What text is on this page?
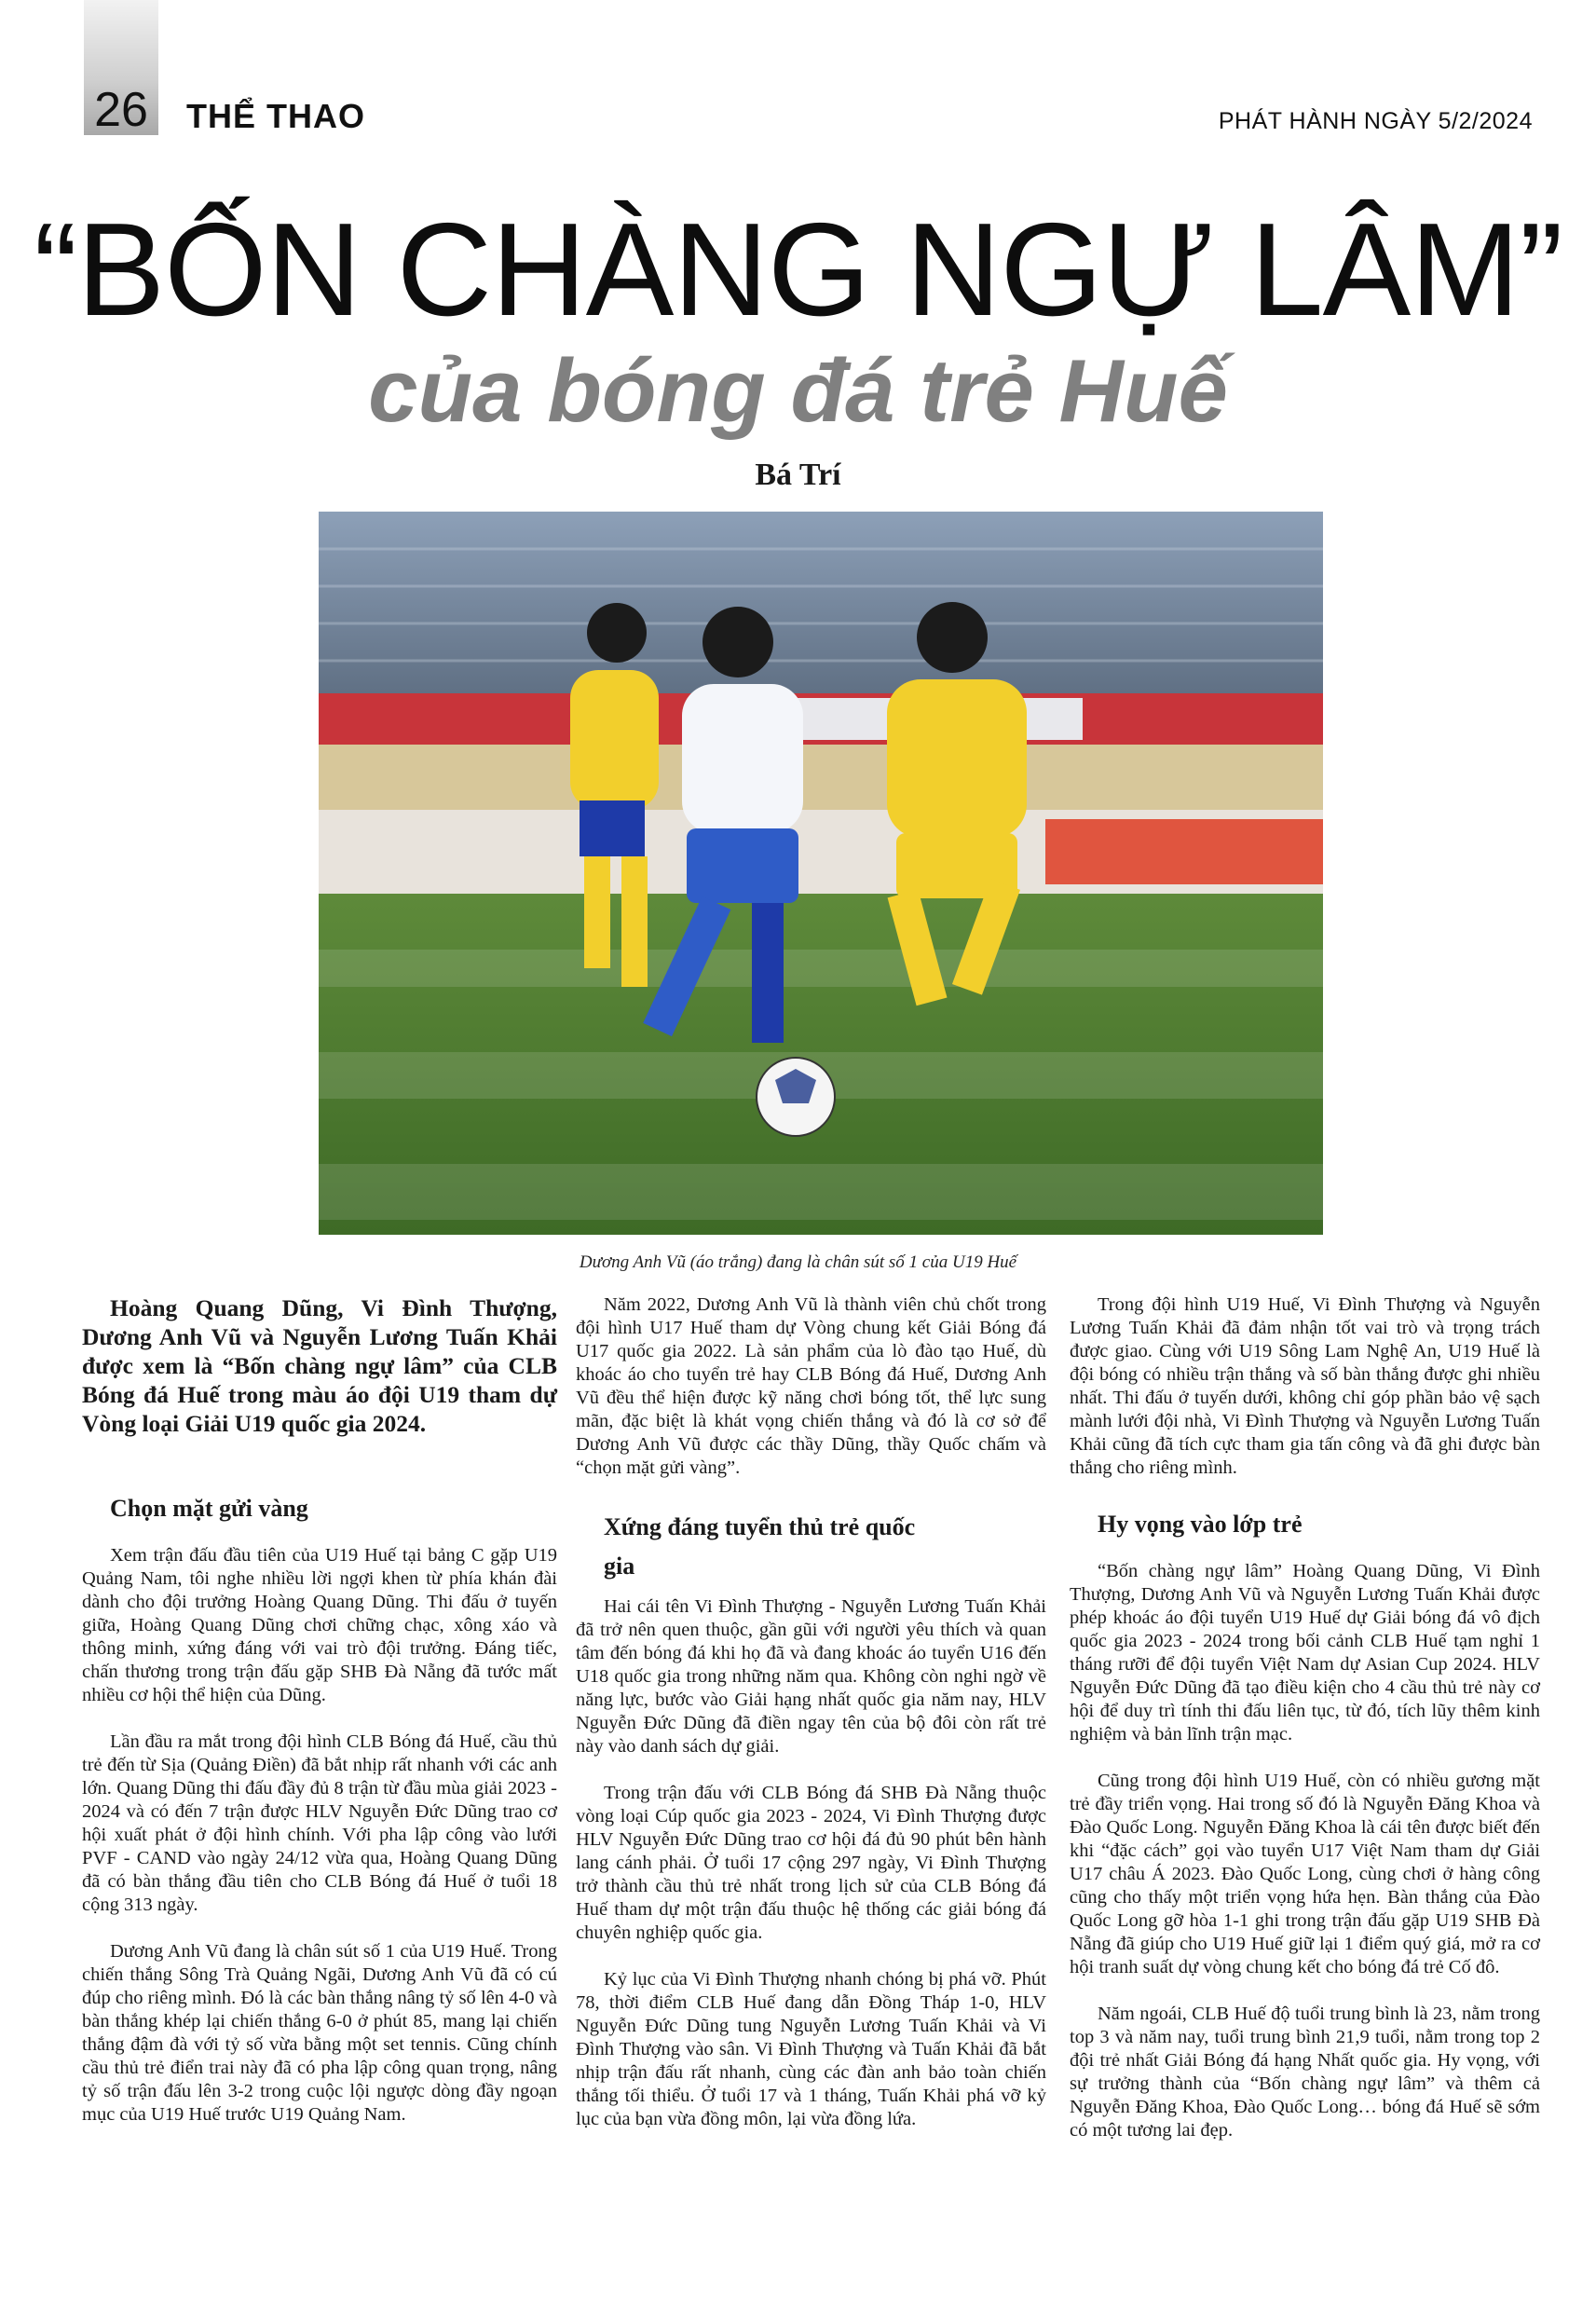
26	THỂ THAO	PHÁT HÀNH NGÀY 5/2/2024
“BỐN CHÀNG NGỰ LÂM”
của bóng đá trẻ Huế
Bá Trí
Dương Anh Vũ (áo trắng) đang là chân sút số 1 của U19 Huế

Hoàng Quang Dũng, Vi Đình Thượng, Dương Anh Vũ và Nguyễn Lương Tuấn Khải được xem là “Bốn chàng ngự lâm” của CLB Bóng đá Huế trong màu áo đội U19 tham dự Vòng loại Giải U19 quốc gia 2024.

Chọn mặt gửi vàng

Xem trận đấu đầu tiên của U19 Huế tại bảng C gặp U19 Quảng Nam, tôi nghe nhiều lời ngợi khen từ phía khán đài dành cho đội trưởng Hoàng Quang Dũng. Thi đấu ở tuyến giữa, Hoàng Quang Dũng chơi chững chạc, xông xáo và thông minh, xứng đáng với vai trò đội trưởng. Đáng tiếc, chấn thương trong trận đấu gặp SHB Đà Nẵng đã tước mất nhiều cơ hội thể hiện của Dũng.

Lần đầu ra mắt trong đội hình CLB Bóng đá Huế, cầu thủ trẻ đến từ Sịa (Quảng Điền) đã bắt nhịp rất nhanh với các anh lớn. Quang Dũng thi đấu đầy đủ 8 trận từ đầu mùa giải 2023 - 2024 và có đến 7 trận được HLV Nguyễn Đức Dũng trao cơ hội xuất phát ở đội hình chính. Với pha lập công vào lưới PVF - CAND vào ngày 24/12 vừa qua, Hoàng Quang Dũng đã có bàn thắng đầu tiên cho CLB Bóng đá Huế ở tuổi 18 cộng 313 ngày.

Dương Anh Vũ đang là chân sút số 1 của U19 Huế. Trong chiến thắng Sông Trà Quảng Ngãi, Dương Anh Vũ đã có cú đúp cho riêng mình. Đó là các bàn thắng nâng tỷ số lên 4-0 và bàn thắng khép lại chiến thắng 6-0 ở phút 85, mang lại chiến thắng đậm đà với tỷ số vừa bằng một set tennis. Cũng chính cầu thủ trẻ điển trai này đã có pha lập công quan trọng, nâng tỷ số trận đấu lên 3-2 trong cuộc lội ngược dòng đầy ngoạn mục của U19 Huế trước U19 Quảng Nam.

Năm 2022, Dương Anh Vũ là thành viên chủ chốt trong đội hình U17 Huế tham dự Vòng chung kết Giải Bóng đá U17 quốc gia 2022. Là sản phẩm của lò đào tạo Huế, dù khoác áo cho tuyển trẻ hay CLB Bóng đá Huế, Dương Anh Vũ đều thể hiện được kỹ năng chơi bóng tốt, thể lực sung mãn, đặc biệt là khát vọng chiến thắng và đó là cơ sở để Dương Anh Vũ được các thầy Dũng, thầy Quốc chấm và “chọn mặt gửi vàng”.

Xứng đáng tuyển thủ trẻ quốc gia

Hai cái tên Vi Đình Thượng - Nguyễn Lương Tuấn Khải đã trở nên quen thuộc, gần gũi với người yêu thích và quan tâm đến bóng đá khi họ đã và đang khoác áo tuyển U16 đến U18 quốc gia trong những năm qua. Không còn nghi ngờ về năng lực, bước vào Giải hạng nhất quốc gia năm nay, HLV Nguyễn Đức Dũng đã điền ngay tên của bộ đôi còn rất trẻ này vào danh sách dự giải.

Trong trận đấu với CLB Bóng đá SHB Đà Nẵng thuộc vòng loại Cúp quốc gia 2023 - 2024, Vi Đình Thượng được HLV Nguyễn Đức Dũng trao cơ hội đá đủ 90 phút bên hành lang cánh phải. Ở tuổi 17 cộng 297 ngày, Vi Đình Thượng trở thành cầu thủ trẻ nhất trong lịch sử của CLB Bóng đá Huế tham dự một trận đấu thuộc hệ thống các giải bóng đá chuyên nghiệp quốc gia.

Kỷ lục của Vi Đình Thượng nhanh chóng bị phá vỡ. Phút 78, thời điểm CLB Huế đang dẫn Đồng Tháp 1-0, HLV Nguyễn Đức Dũng tung Nguyễn Lương Tuấn Khải và Vi Đình Thượng vào sân. Vi Đình Thượng và Tuấn Khải đã bắt nhịp trận đấu rất nhanh, cùng các đàn anh bảo toàn chiến thắng tối thiểu. Ở tuổi 17 và 1 tháng, Tuấn Khải phá vỡ kỷ lục của bạn vừa đồng môn, lại vừa đồng lứa.

Trong đội hình U19 Huế, Vi Đình Thượng và Nguyễn Lương Tuấn Khải đã đảm nhận tốt vai trò và trọng trách được giao. Cùng với U19 Sông Lam Nghệ An, U19 Huế là đội bóng có nhiều trận thắng và số bàn thắng được ghi nhiều nhất. Thi đấu ở tuyến dưới, không chỉ góp phần bảo vệ sạch mành lưới đội nhà, Vi Đình Thượng và Nguyễn Lương Tuấn Khải cũng đã tích cực tham gia tấn công và đã ghi được bàn thắng cho riêng mình.

Hy vọng vào lớp trẻ

“Bốn chàng ngự lâm” Hoàng Quang Dũng, Vi Đình Thượng, Dương Anh Vũ và Nguyễn Lương Tuấn Khải được phép khoác áo đội tuyển U19 Huế dự Giải bóng đá vô địch quốc gia 2023 - 2024 trong bối cảnh CLB Huế tạm nghỉ 1 tháng rưỡi để đội tuyển Việt Nam dự Asian Cup 2024. HLV Nguyễn Đức Dũng đã tạo điều kiện cho 4 cầu thủ trẻ này cơ hội để duy trì tính thi đấu liên tục, từ đó, tích lũy thêm kinh nghiệm và bản lĩnh trận mạc.

Cũng trong đội hình U19 Huế, còn có nhiều gương mặt trẻ đầy triển vọng. Hai trong số đó là Nguyễn Đăng Khoa và Đào Quốc Long. Nguyễn Đăng Khoa là cái tên được biết đến khi “đặc cách” gọi vào tuyển U17 Việt Nam tham dự Giải U17 châu Á 2023. Đào Quốc Long, cùng chơi ở hàng công cũng cho thấy một triển vọng hứa hẹn. Bàn thắng của Đào Quốc Long gỡ hòa 1-1 ghi trong trận đấu gặp U19 SHB Đà Nẵng đã giúp cho U19 Huế giữ lại 1 điểm quý giá, mở ra cơ hội tranh suất dự vòng chung kết cho bóng đá trẻ Cố đô.

Năm ngoái, CLB Huế độ tuổi trung bình là 23, nằm trong top 3 và năm nay, tuổi trung bình 21,9 tuổi, nằm trong top 2 đội trẻ nhất Giải Bóng đá hạng Nhất quốc gia. Hy vọng, với sự trưởng thành của “Bốn chàng ngự lâm” và thêm cả Nguyễn Đăng Khoa, Đào Quốc Long… bóng đá Huế sẽ sớm có một tương lai đẹp.
